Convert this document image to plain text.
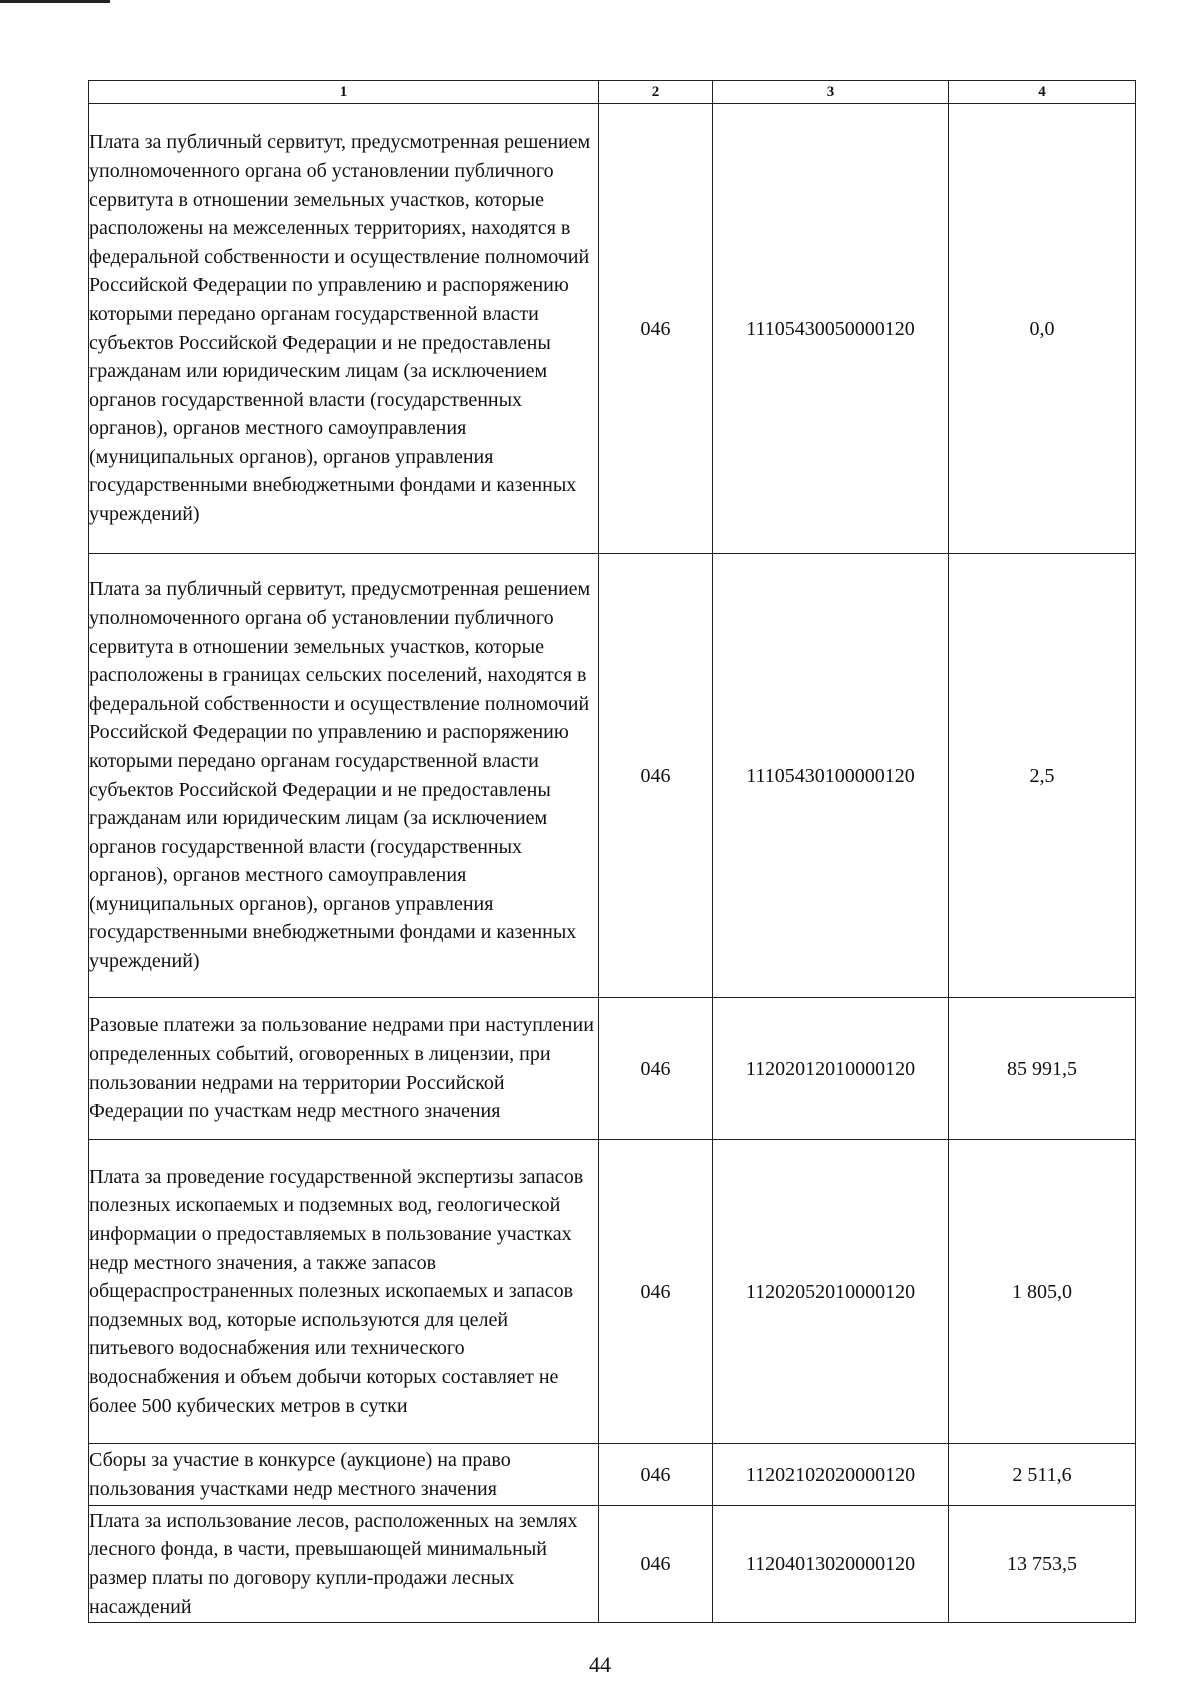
1	2	3	4
Плата за публичный сервитут, предусмотренная решением уполномоченного органа об установлении публичного сервитута в отношении земельных участков, которые расположены на межселенных территориях, находятся в федеральной собственности и осуществление полномочий Российской Федерации по управлению и распоряжению которыми передано органам государственной власти субъектов Российской Федерации и не предоставлены гражданам или юридическим лицам (за исключением органов государственной власти (государственных органов), органов местного самоуправления (муниципальных органов), органов управления государственными внебюджетными фондами и казенных учреждений)	046	11105430050000120	0,0
Плата за публичный сервитут, предусмотренная решением уполномоченного органа об установлении публичного сервитута в отношении земельных участков, которые расположены в границах сельских поселений, находятся в федеральной собственности и осуществление полномочий Российской Федерации по управлению и распоряжению которыми передано органам государственной власти субъектов Российской Федерации и не предоставлены гражданам или юридическим лицам (за исключением органов государственной власти (государственных органов), органов местного самоуправления (муниципальных органов), органов управления государственными внебюджетными фондами и казенных учреждений)	046	11105430100000120	2,5
Разовые платежи за пользование недрами при наступлении определенных событий, оговоренных в лицензии, при пользовании недрами на территории Российской Федерации по участкам недр местного значения	046	11202012010000120	85 991,5
Плата за проведение государственной экспертизы запасов полезных ископаемых и подземных вод, геологической информации о предоставляемых в пользование участках недр местного значения, а также запасов общераспространенных полезных ископаемых и запасов подземных вод, которые используются для целей питьевого водоснабжения или технического водоснабжения и объем добычи которых составляет не более 500 кубических метров в сутки	046	11202052010000120	1 805,0
Сборы за участие в конкурсе (аукционе) на право пользования участками недр местного значения	046	11202102020000120	2 511,6
Плата за использование лесов, расположенных на землях лесного фонда, в части, превышающей минимальный размер платы по договору купли-продажи лесных насаждений	046	11204013020000120	13 753,5
44
